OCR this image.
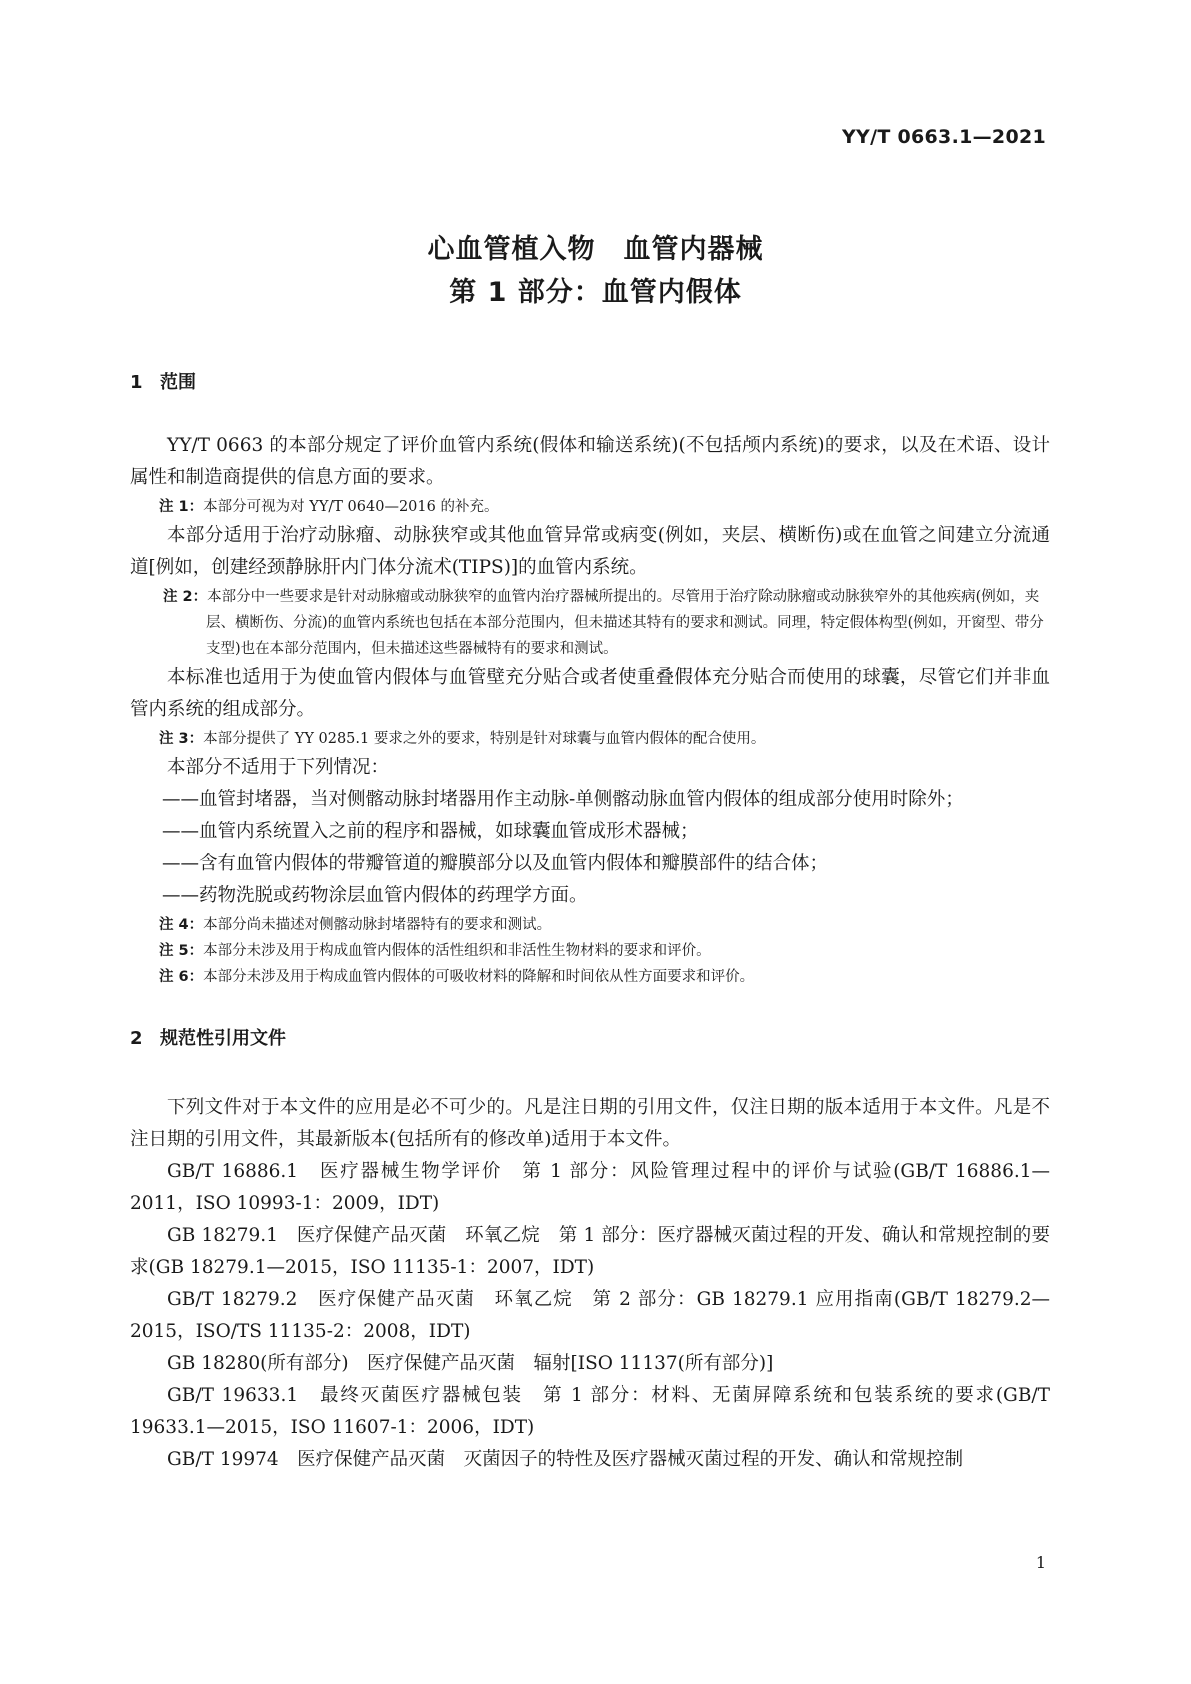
YY/T 0663.1—2021
心血管植入物　血管内器械
第 1 部分：血管内假体
1 范围

YY/T 0663 的本部分规定了评价血管内系统(假体和输送系统)(不包括颅内系统)的要求，以及在术语、设计属性和制造商提供的信息方面的要求。

注 1：本部分可视为对 YY/T 0640—2016 的补充。

本部分适用于治疗动脉瘤、动脉狭窄或其他血管异常或病变(例如，夹层、横断伤)或在血管之间建立分流通道[例如，创建经颈静脉肝内门体分流术(TIPS)]的血管内系统。

注 2：本部分中一些要求是针对动脉瘤或动脉狭窄的血管内治疗器械所提出的。尽管用于治疗除动脉瘤或动脉狭窄外的其他疾病(例如，夹层、横断伤、分流)的血管内系统也包括在本部分范围内，但未描述其特有的要求和测试。同理，特定假体构型(例如，开窗型、带分支型)也在本部分范围内，但未描述这些器械特有的要求和测试。

本标准也适用于为使血管内假体与血管壁充分贴合或者使重叠假体充分贴合而使用的球囊，尽管它们并非血管内系统的组成部分。

注 3：本部分提供了 YY 0285.1 要求之外的要求，特别是针对球囊与血管内假体的配合使用。

本部分不适用于下列情况：

——血管封堵器，当对侧髂动脉封堵器用作主动脉-单侧髂动脉血管内假体的组成部分使用时除外；

——血管内系统置入之前的程序和器械，如球囊血管成形术器械；

——含有血管内假体的带瓣管道的瓣膜部分以及血管内假体和瓣膜部件的结合体；

——药物洗脱或药物涂层血管内假体的药理学方面。

注 4：本部分尚未描述对侧髂动脉封堵器特有的要求和测试。

注 5：本部分未涉及用于构成血管内假体的活性组织和非活性生物材料的要求和评价。

注 6：本部分未涉及用于构成血管内假体的可吸收材料的降解和时间依从性方面要求和评价。

2 规范性引用文件

下列文件对于本文件的应用是必不可少的。凡是注日期的引用文件，仅注日期的版本适用于本文件。凡是不注日期的引用文件，其最新版本(包括所有的修改单)适用于本文件。

GB/T 16886.1　医疗器械生物学评价　第 1 部分：风险管理过程中的评价与试验(GB/T 16886.1—2011，ISO 10993-1：2009，IDT)

GB 18279.1　医疗保健产品灭菌　环氧乙烷　第 1 部分：医疗器械灭菌过程的开发、确认和常规控制的要求(GB 18279.1—2015，ISO 11135-1：2007，IDT)

GB/T 18279.2　医疗保健产品灭菌　环氧乙烷　第 2 部分：GB 18279.1 应用指南(GB/T 18279.2—2015，ISO/TS 11135-2：2008，IDT)

GB 18280(所有部分)　医疗保健产品灭菌　辐射[ISO 11137(所有部分)]

GB/T 19633.1　最终灭菌医疗器械包装　第 1 部分：材料、无菌屏障系统和包装系统的要求(GB/T 19633.1—2015，ISO 11607-1：2006，IDT)

GB/T 19974　医疗保健产品灭菌　灭菌因子的特性及医疗器械灭菌过程的开发、确认和常规控制

1
